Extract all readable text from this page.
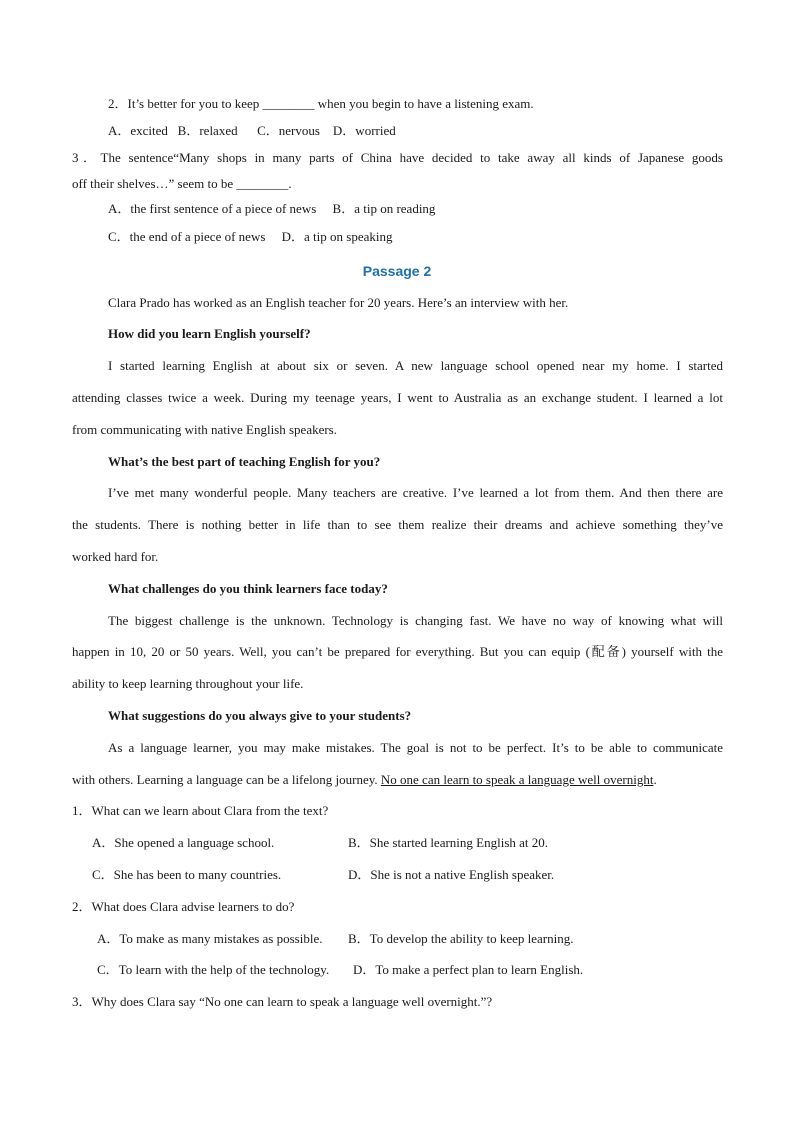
2．It’s better for you to keep ________ when you begin to have a listening exam.
A．excited   B．relaxed      C．nervous    D．worried
3．The sentence“Many shops in many parts of China have decided to take away all kinds of Japanese goods
off their shelves…” seem to be ________.
A．the first sentence of a piece of news     B．a tip on reading
C．the end of a piece of news     D．a tip on speaking
Passage 2
Clara Prado has worked as an English teacher for 20 years. Here’s an interview with her.
How did you learn English yourself?
I started learning English at about six or seven. A new language school opened near my home. I started
attending classes twice a week. During my teenage years, I went to Australia as an exchange student. I learned a lot
from communicating with native English speakers.
What’s the best part of teaching English for you?
I’ve met many wonderful people. Many teachers are creative. I’ve learned a lot from them. And then there are
the students. There is nothing better in life than to see them realize their dreams and achieve something they’ve
worked hard for.
What challenges do you think learners face today?
The biggest challenge is the unknown. Technology is changing fast. We have no way of knowing what will
happen in 10, 20 or 50 years. Well, you can’t be prepared for everything. But you can equip (配备) yourself with the
ability to keep learning throughout your life.
What suggestions do you always give to your students?
As a language learner, you may make mistakes. The goal is not to be perfect. It’s to be able to communicate
with others. Learning a language can be a lifelong journey. No one can learn to speak a language well overnight.
1．What can we learn about Clara from the text?
A．She opened a language school.	B．She started learning English at 20.
C．She has been to many countries.	D．She is not a native English speaker.
2．What does Clara advise learners to do?
A．To make as many mistakes as possible. B．To develop the ability to keep learning.
C．To learn with the help of the technology. D．To make a perfect plan to learn English.
3．Why does Clara say “No one can learn to speak a language well overnight.”?
